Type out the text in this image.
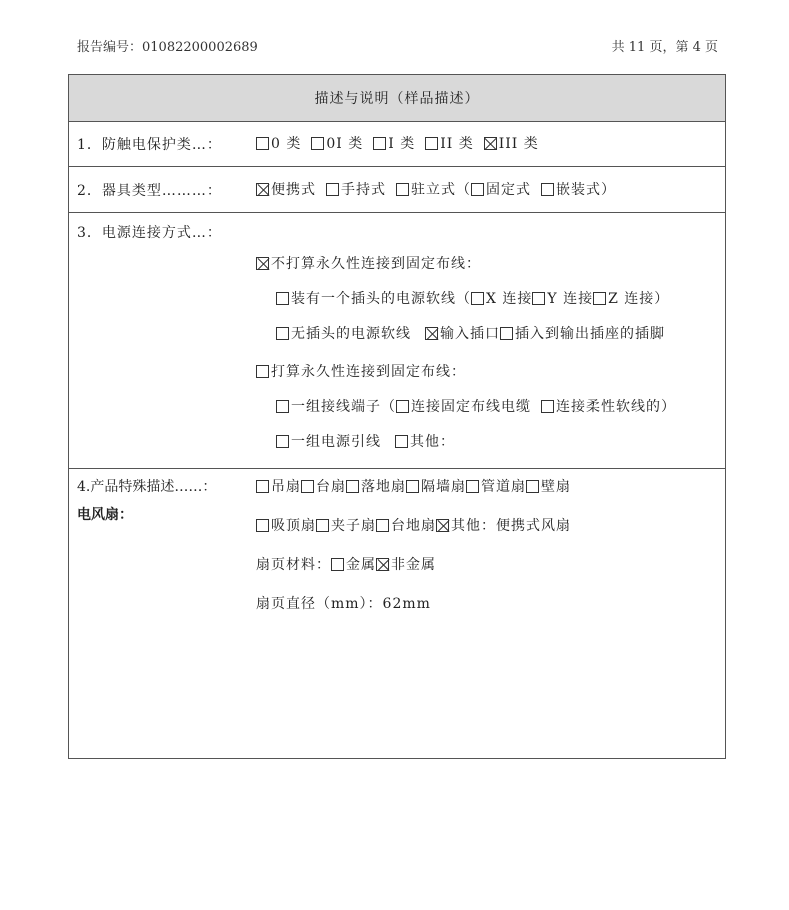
报告编号：01082200002689	共 11 页，第 4 页
描述与说明（样品描述）

1．防触电保护类…：	0 类 0I 类 I 类 II 类 III 类

2．器具类型………：	便携式 手持式 驻立式（ 固定式 嵌装式）

3．电源连接方式…：
不打算永久性连接到固定布线：
装有一个插头的电源软线（ X 连接 Y 连接 Z 连接）
无插头的电源软线 输入插口 插入到输出插座的插脚
打算永久性连接到固定布线：
一组接线端子（ 连接固定布线电缆 连接柔性软线的）
一组电源引线 其他：

4.产品特殊描述……：
电风扇：
吊扇 台扇 落地扇 隔墙扇 管道扇 壁扇
吸顶扇 夹子扇 台地扇 其他：便携式风扇
扇页材料： 金属 非金属
扇页直径（mm）：62mm
